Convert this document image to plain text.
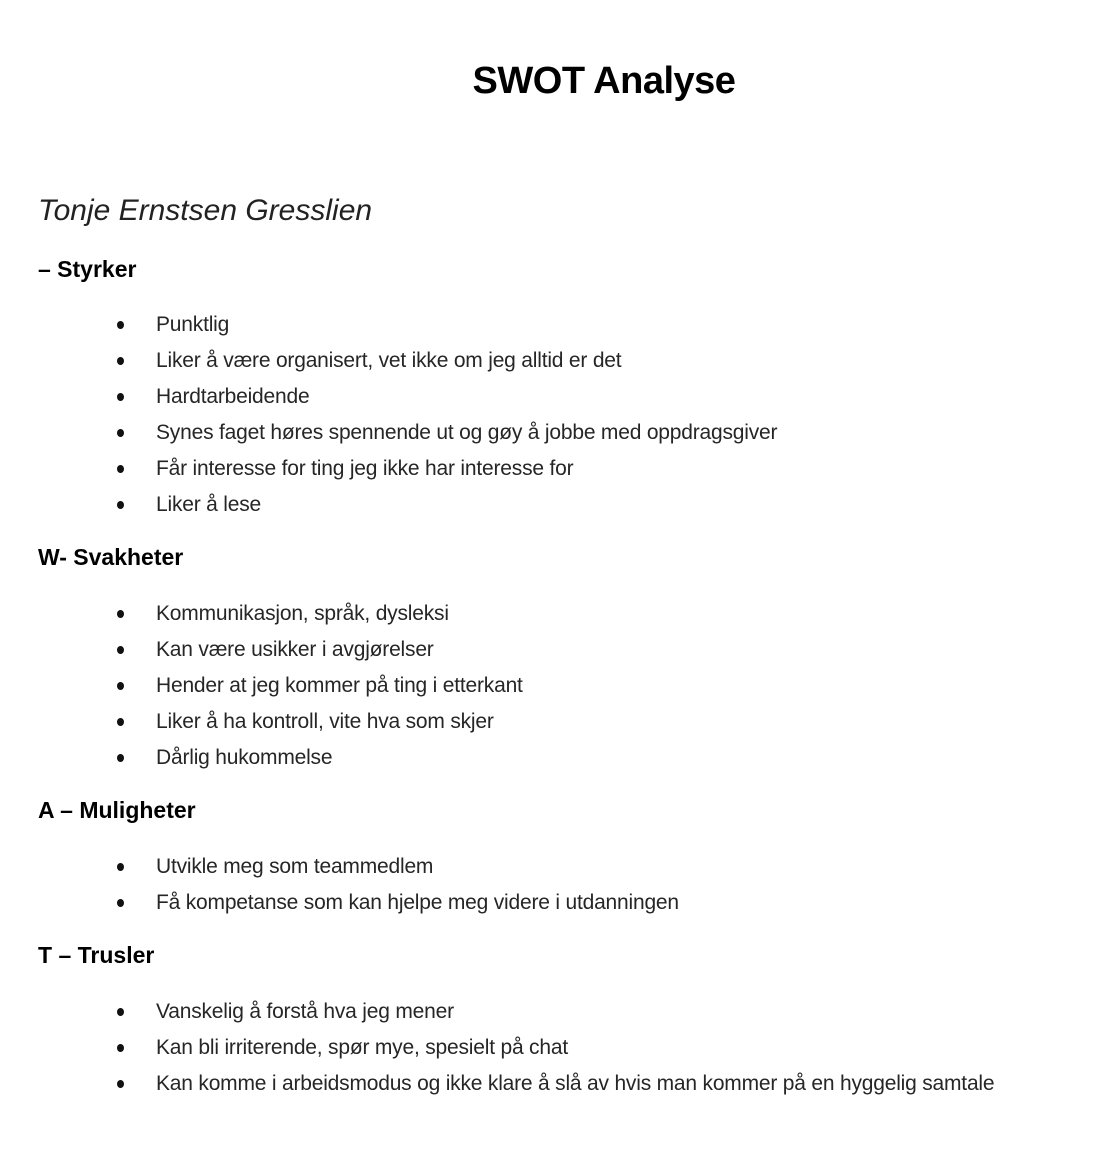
SWOT Analyse

Tonje Ernstsen Gresslien

– Styrker
Punktlig
Liker å være organisert, vet ikke om jeg alltid er det
Hardtarbeidende
Synes faget høres spennende ut og gøy å jobbe med oppdragsgiver
Får interesse for ting jeg ikke har interesse for
Liker å lese
W- Svakheter
Kommunikasjon, språk, dysleksi
Kan være usikker i avgjørelser
Hender at jeg kommer på ting i etterkant
Liker å ha kontroll, vite hva som skjer
Dårlig hukommelse
A – Muligheter
Utvikle meg som teammedlem
Få kompetanse som kan hjelpe meg videre i utdanningen
T – Trusler
Vanskelig å forstå hva jeg mener
Kan bli irriterende, spør mye, spesielt på chat
Kan komme i arbeidsmodus og ikke klare å slå av hvis man kommer på en hyggelig samtale
